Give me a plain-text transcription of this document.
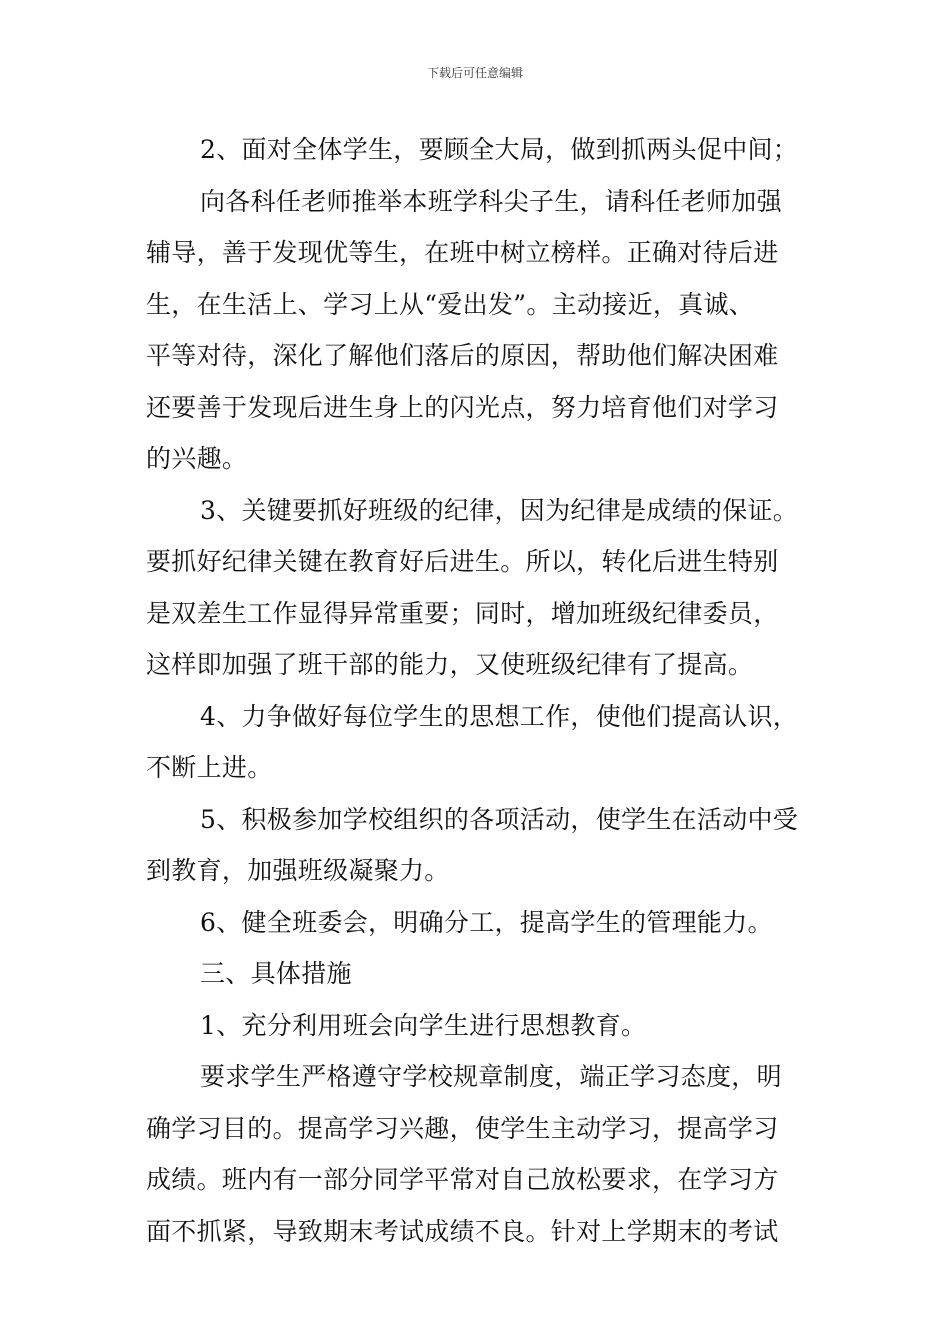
下载后可任意编辑
2、面对全体学生，要顾全大局，做到抓两头促中间；
向各科任老师推举本班学科尖子生，请科任老师加强
辅导，善于发现优等生，在班中树立榜样。正确对待后进
生，在生活上、学习上从“爱出发”。主动接近，真诚、
平等对待，深化了解他们落后的原因，帮助他们解决困难
还要善于发现后进生身上的闪光点，努力培育他们对学习
的兴趣。
3、关键要抓好班级的纪律，因为纪律是成绩的保证。
要抓好纪律关键在教育好后进生。所以，转化后进生特别
是双差生工作显得异常重要；同时，增加班级纪律委员，
这样即加强了班干部的能力，又使班级纪律有了提高。
4、力争做好每位学生的思想工作，使他们提高认识，
不断上进。
5、积极参加学校组织的各项活动，使学生在活动中受
到教育，加强班级凝聚力。
6、健全班委会，明确分工，提高学生的管理能力。
三、具体措施
1、充分利用班会向学生进行思想教育。
要求学生严格遵守学校规章制度，端正学习态度，明
确学习目的。提高学习兴趣，使学生主动学习，提高学习
成绩。班内有一部分同学平常对自己放松要求，在学习方
面不抓紧，导致期末考试成绩不良。针对上学期末的考试
